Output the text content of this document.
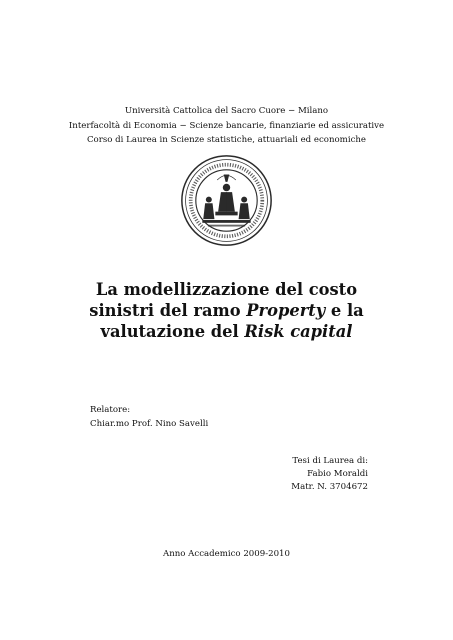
Università Cattolica del Sacro Cuore − Milano
Interfacoltà di Economia − Scienze bancarie, finanziarie ed assicurative
Corso di Laurea in Scienze statistiche, attuariali ed economiche
La modellizzazione del costo
sinistri del ramo Property e la
valutazione del Risk capital
Relatore:
Chiar.mo Prof. Nino Savelli
Tesi di Laurea di:
Fabio Moraldi
Matr. N. 3704672
Anno Accademico 2009-2010
